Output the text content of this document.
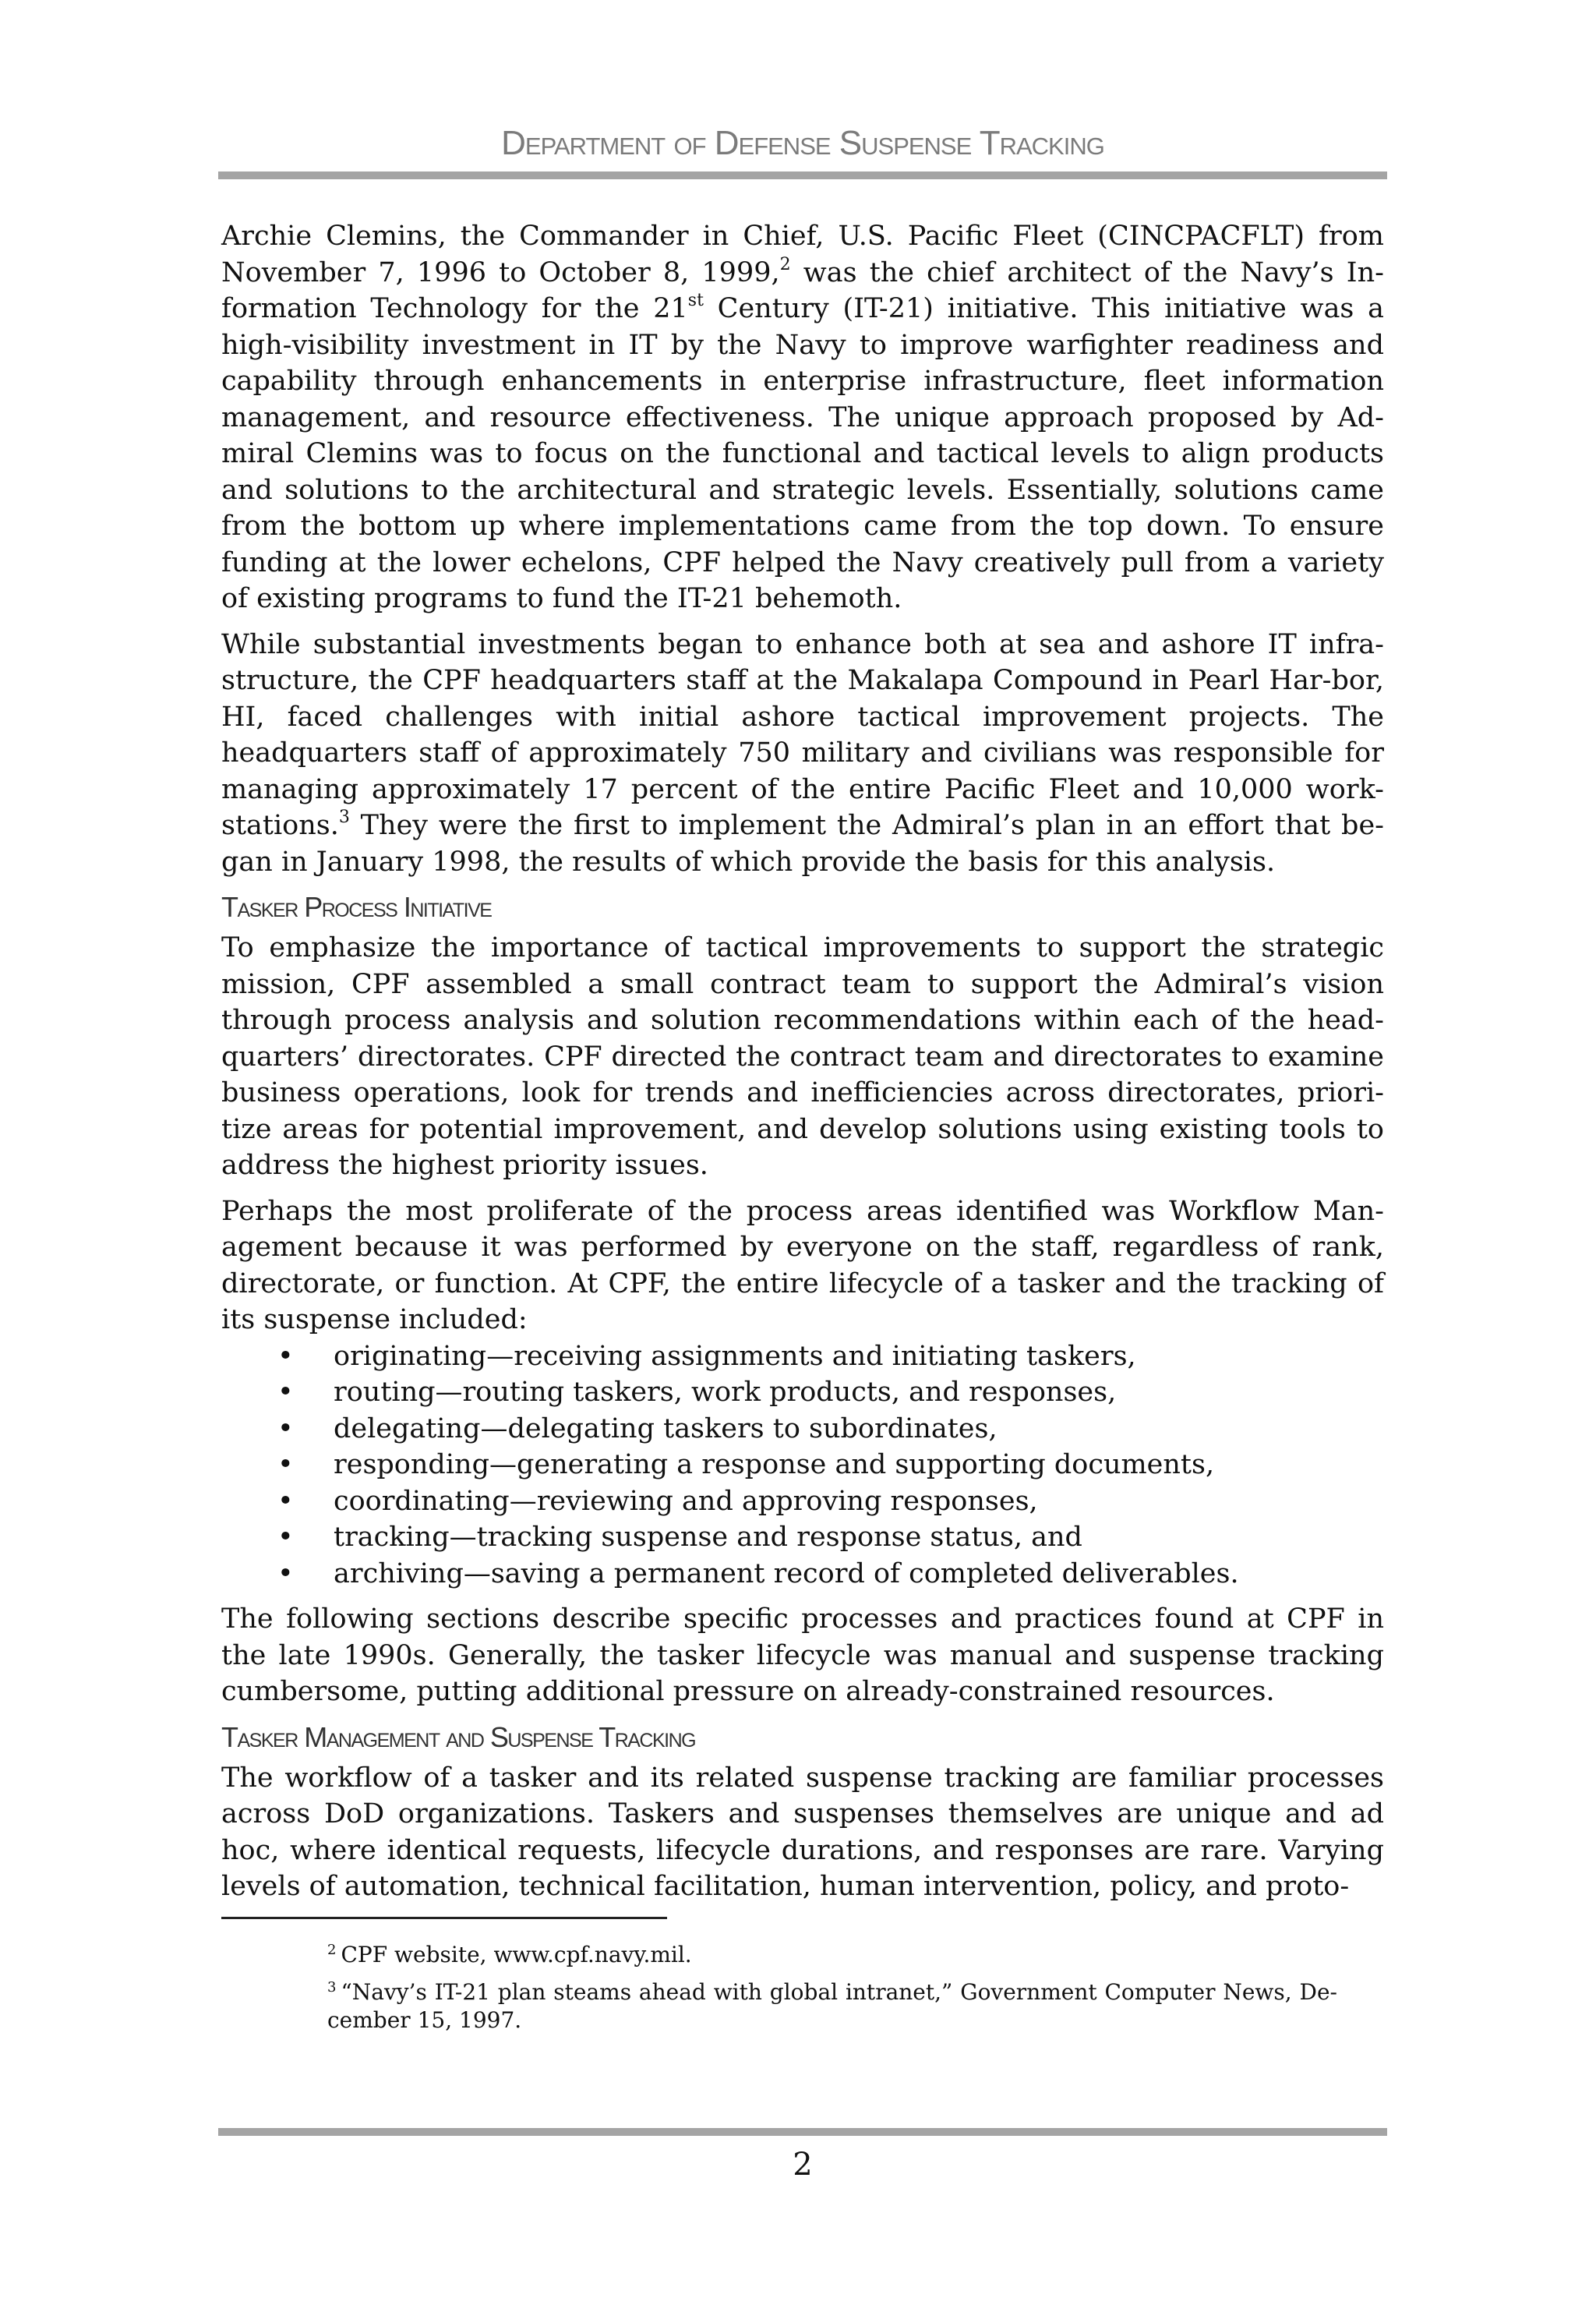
Department of Defense Suspense Tracking

Archie Clemins, the Commander in Chief, U.S. Pacific Fleet (CINCPACFLT) from November 7, 1996 to October 8, 1999,$^2$ was the chief architect of the Navy’s In-formation Technology for the 21st Century (IT-21) initiative. This initiative was a high-visibility investment in IT by the Navy to improve warfighter readiness and capability through enhancements in enterprise infrastructure, fleet information management, and resource effectiveness. The unique approach proposed by Ad-miral Clemins was to focus on the functional and tactical levels to align products and solutions to the architectural and strategic levels. Essentially, solutions came from the bottom up where implementations came from the top down. To ensure funding at the lower echelons, CPF helped the Navy creatively pull from a variety of existing programs to fund the IT-21 behemoth.

While substantial investments began to enhance both at sea and ashore IT infra-structure, the CPF headquarters staff at the Makalapa Compound in Pearl Har-bor, HI, faced challenges with initial ashore tactical improvement projects. The headquarters staff of approximately 750 military and civilians was responsible for managing approximately 17 percent of the entire Pacific Fleet and 10,000 work-stations.$^3$ They were the first to implement the Admiral’s plan in an effort that be-gan in January 1998, the results of which provide the basis for this analysis.

Tasker Process Initiative

To emphasize the importance of tactical improvements to support the strategic mission, CPF assembled a small contract team to support the Admiral’s vision through process analysis and solution recommendations within each of the head-quarters’ directorates. CPF directed the contract team and directorates to examine business operations, look for trends and inefficiencies across directorates, priori-tize areas for potential improvement, and develop solutions using existing tools to address the highest priority issues.

Perhaps the most proliferate of the process areas identified was Workflow Man-agement because it was performed by everyone on the staff, regardless of rank, directorate, or function. At CPF, the entire lifecycle of a tasker and the tracking of its suspense included:

• originating—receiving assignments and initiating taskers,
• routing—routing taskers, work products, and responses,
• delegating—delegating taskers to subordinates,
• responding—generating a response and supporting documents,
• coordinating—reviewing and approving responses,
• tracking—tracking suspense and response status, and
• archiving—saving a permanent record of completed deliverables.

The following sections describe specific processes and practices found at CPF in the late 1990s. Generally, the tasker lifecycle was manual and suspense tracking cumbersome, putting additional pressure on already-constrained resources.

Tasker Management and Suspense Tracking

The workflow of a tasker and its related suspense tracking are familiar processes across DoD organizations. Taskers and suspenses themselves are unique and ad hoc, where identical requests, lifecycle durations, and responses are rare. Varying levels of automation, technical facilitation, human intervention, policy, and proto-

$^2$ CPF website, www.cpf.navy.mil.

$^3$ “Navy’s IT-21 plan steams ahead with global intranet,” Government Computer News, De-cember 15, 1997.

2
